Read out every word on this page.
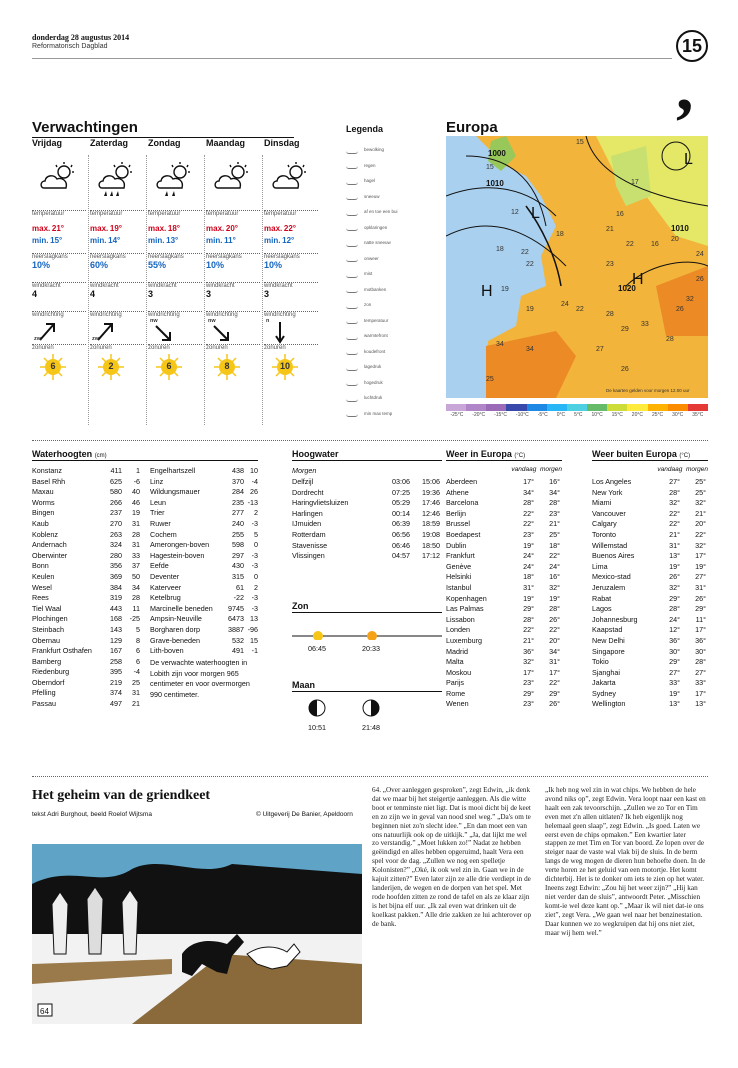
donderdag 28 augustus 2014
Reformatorisch Dagblad	15
,
Verwachtingen
Vrijdag
temperatuur
max. 21°
min. 15°
neerslagkans
10%
windkracht
4
windrichting
zw
zonuren
6
Zaterdag
temperatuur
max. 19°
min. 14°
neerslagkans
60%
windkracht
4
windrichting
zw
zonuren
2
Zondag
temperatuur
max. 18°
min. 13°
neerslagkans
55%
windkracht
3
windrichting
nw
zonuren
6
Maandag
temperatuur
max. 20°
min. 11°
neerslagkans
10%
windkracht
3
windrichting
nw
zonuren
8
Dinsdag
temperatuur
max. 22°
min. 12°
neerslagkans
10%
windkracht
3
windrichting
n
zonuren
10
Legenda
bewolking
regen
hagel
sneeuw
af en toe een bui
opklaringen
natte sneeuw
onweer
mist
motbanken
zon
temperatuur
warmtefront
koudefront
lagedruk
hogedruk
luchtdruk
min max temp
Europa
1010
1000
1010
1020
H
L
H
L
15
15
18
17
16
12
22
21
22 16
20
18
22	23
24
19
24
19	22
26
26
32
34
34
28
27
29
33
28
25
26
De kaarten gelden voor morgen 12.00 uur
-25°C -20°C -15°C -10°C -5°C 0°C 5°C 10°C 15°C 20°C 25°C 30°C 35°C
Waterhoogten (cm)
Konstanz	411	1
Basel Rhh	625	-6
Maxau	580	40
Worms	266	46
Bingen	237	19
Kaub	270	31
Koblenz	263	28
Andernach	324	31
Oberwinter	280	33
Bonn	356	37
Keulen	369	50
Wesel	384	34
Rees	319	28
Tiel Waal	443	11
Plochingen	168	-25
Steinbach	143	5
Obernau	129	8
Frankfurt Osthafen	167	6
Bamberg	258	6
Riedenburg	395	-4
Oberndorf	219	25
Pfelling	374	31
Passau	497	21
Engelhartszell	438 10
Linz	370	-4
Wildungsmauer	284 26
Leun	235 -13
Trier	277	2
Ruwer	240	-3
Cochem	255	5
Amerongen-boven	598	0
Hagestein-boven	297	-3
Eefde	430	-3
Deventer	315	0
Katerveer	61	2
Ketelbrug	-22	-3
Marcinelle beneden	9745	-3
Ampsin-Neuville	6473 13
Borgharen dorp	3887 -96
Grave-beneden	532 15
Lith-boven	491	-1
De verwachte waterhoogten in Lobith zijn voor morgen 965 centimeter en voor overmorgen 990 centimeter.
Hoogwater
Morgen
Delfzijl	03:06	15:06
Dordrecht	07:25	19:36
Haringvlietsluizen	05:29	17:46
Harlingen	00:14	12:46
IJmuiden	06:39	18:59
Rotterdam	06:56	19:08
Stavenisse	06:46	18:50
Vlissingen	04:57	17:12
Zon
06:45	20:33
Maan
10:51	21:48
Weer in Europa (°C)
vandaag morgen
Aberdeen	17°	16°
Athene	34°	34°
Barcelona	28°	28°
Berlijn	22°	23°
Brussel	22°	21°
Boedapest	23°	25°
Dublin	19°	18°
Frankfurt	24°	22°
Genève	24°	24°
Helsinki	18°	16°
Istanbul	31°	32°
Kopenhagen	19°	19°
Las Palmas	29°	28°
Lissabon	28°	26°
Londen	22°	22°
Luxemburg	21°	20°
Madrid	36°	34°
Malta	32°	31°
Moskou	17°	17°
Parijs	23°	22°
Rome	29°	29°
Wenen	23°	26°
Weer buiten Europa (°C)
vandaag morgen
Los Angeles	27°	25°
New York	28°	25°
Miami	32°	32°
Vancouver	22°	21°
Calgary	22°	20°
Toronto	21°	22°
Willemstad	31°	32°
Buenos Aires	13°	17°
Lima	19°	19°
Mexico-stad	26°	27°
Jeruzalem	32°	31°
Rabat	29°	26°
Lagos	28°	29°
Johannesburg	24°	11°
Kaapstad	12°	17°
New Delhi	36°	36°
Singapore	30°	30°
Tokio	29°	28°
Sjanghai	27°	27°
Jakarta	33°	33°
Sydney	19°	17°
Wellington	13°	13°
Het geheim van de griendkeet
tekst Adri Burghout, beeld Roelof Wijtsma	© Uitgeverij De Banier, Apeldoorn
64

64. „Over aanleggen gesproken”, zegt Edwin, „ik denk dat we maar bij het steigertje aanleggen. Als die witte boot er tenminste niet ligt. Dat is mooi dicht bij de keet en zo zijn we in geval van nood snel weg.” „Da's om te beginnen niet zo'n slecht idee.” „En dan moet een van ons natuurlijk ook op de uitkijk.” „Ja, dat lijkt me wel zo verstandig.” „Moet lukken zo!” Nadat ze hebben geëindigd en alles hebben opgeruimd, haalt Vera een spel voor de dag. „Zullen we nog een spelletje Kolonisten?” „Oké, ik ook wel zin in. Gaan we in de kajuit zitten?” Even later zijn ze alle drie verdiept in de landerijen, de wegen en de dorpen van het spel. Met rode hoofden zitten ze rond de tafel en als ze klaar zijn is het bijna elf uur. „Ik zal even wat drinken uit de koelkast pakken.” Alle drie zakken ze lui achterover op de bank.

„Ik heb nog wel zin in wat chips. We hebben de hele avond niks op”, zegt Edwin. Vera loopt naar een kast en haalt een zak tevoorschijn. „Zullen we zo Tor en Tim even met z'n allen uitlaten? Ik heb eigenlijk nog helemaal geen slaap”, zegt Edwin. „Is goed. Laten we eerst even de chips opmaken.” Een kwartier later stappen ze met Tim en Tor van boord. Ze lopen over de steiger naar de vaste wal vlak bij de sluis. In de berm langs de weg mogen de dieren hun behoefte doen. In de verte horen ze het geluid van een motortje. Het komt dichterbij. Het is te donker om iets te zien op het water. Ineens zegt Edwin: „Zou hij het weer zijn?” „Hij kan niet verder dan de sluis”, antwoordt Peter. „Misschien komt-ie wel deze kant op.” „Maar ik wil niet dat-ie ons ziet”, zegt Vera. „We gaan wel naar het benzinestation. Daar kunnen we zo wegkruipen dat hij ons niet ziet, maar wij hem wel.”
